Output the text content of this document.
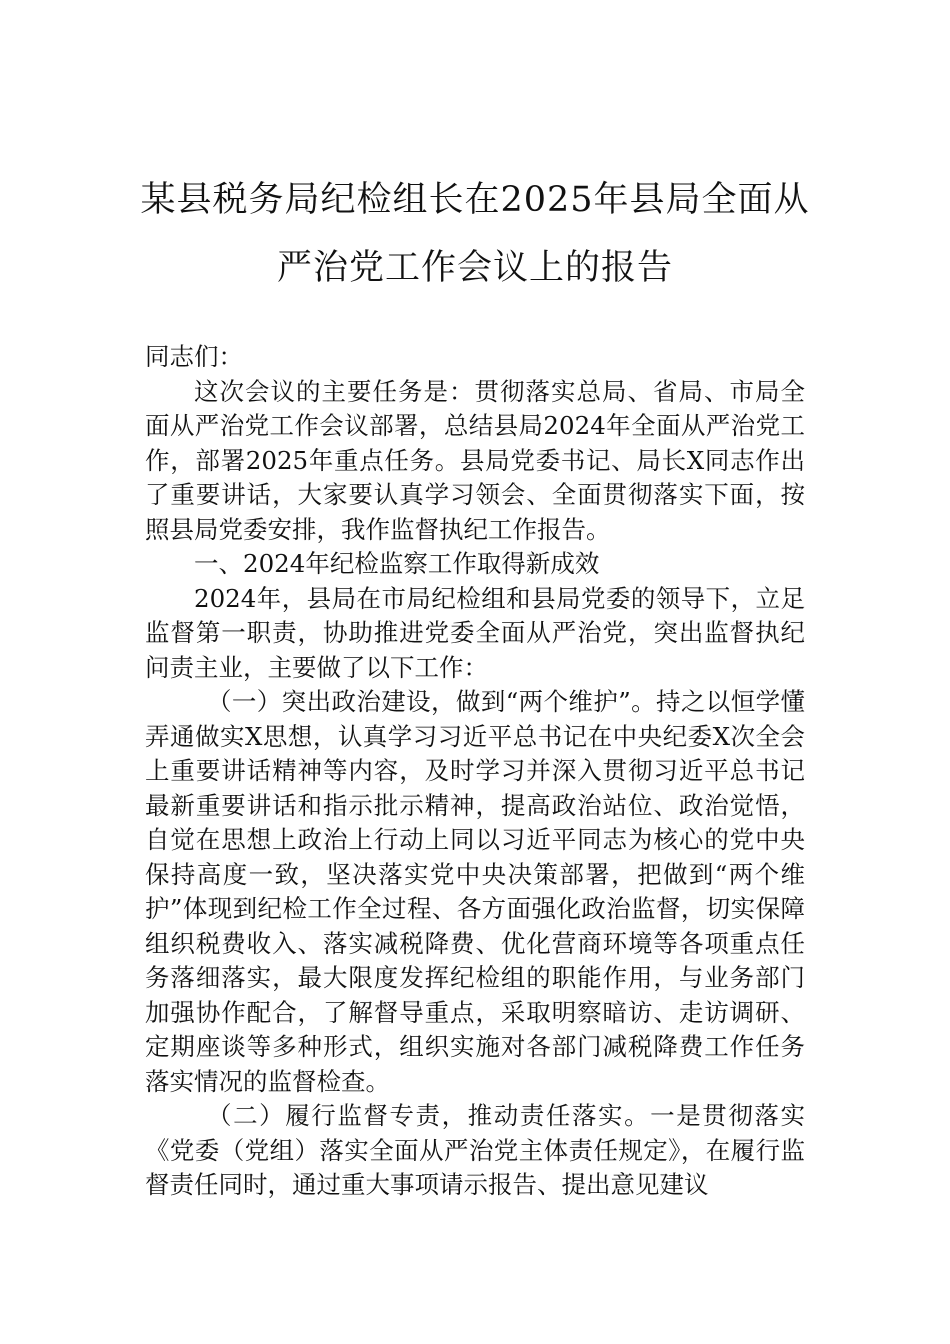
某县税务局纪检组长在2025年县局全面从
严治党工作会议上的报告

同志们：

这次会议的主要任务是：贯彻落实总局、省局、市局全面从严治党工作会议部署，总结县局2024年全面从严治党工作，部署2025年重点任务。县局党委书记、局长X同志作出了重要讲话，大家要认真学习领会、全面贯彻落实下面，按照县局党委安排，我作监督执纪工作报告。

一、2024年纪检监察工作取得新成效

2024年，县局在市局纪检组和县局党委的领导下，立足监督第一职责，协助推进党委全面从严治党，突出监督执纪问责主业，主要做了以下工作：

（一）突出政治建设，做到“两个维护”。持之以恒学懂弄通做实X思想，认真学习习近平总书记在中央纪委X次全会上重要讲话精神等内容，及时学习并深入贯彻习近平总书记最新重要讲话和指示批示精神，提高政治站位、政治觉悟，自觉在思想上政治上行动上同以习近平同志为核心的党中央保持高度一致，坚决落实党中央决策部署，把做到“两个维护”体现到纪检工作全过程、各方面强化政治监督，切实保障组织税费收入、落实减税降费、优化营商环境等各项重点任务落细落实，最大限度发挥纪检组的职能作用，与业务部门加强协作配合，了解督导重点，采取明察暗访、走访调研、定期座谈等多种形式，组织实施对各部门减税降费工作任务落实情况的监督检查。

（二）履行监督专责，推动责任落实。一是贯彻落实《党委（党组）落实全面从严治党主体责任规定》，在履行监督责任同时，通过重大事项请示报告、提出意见建议
